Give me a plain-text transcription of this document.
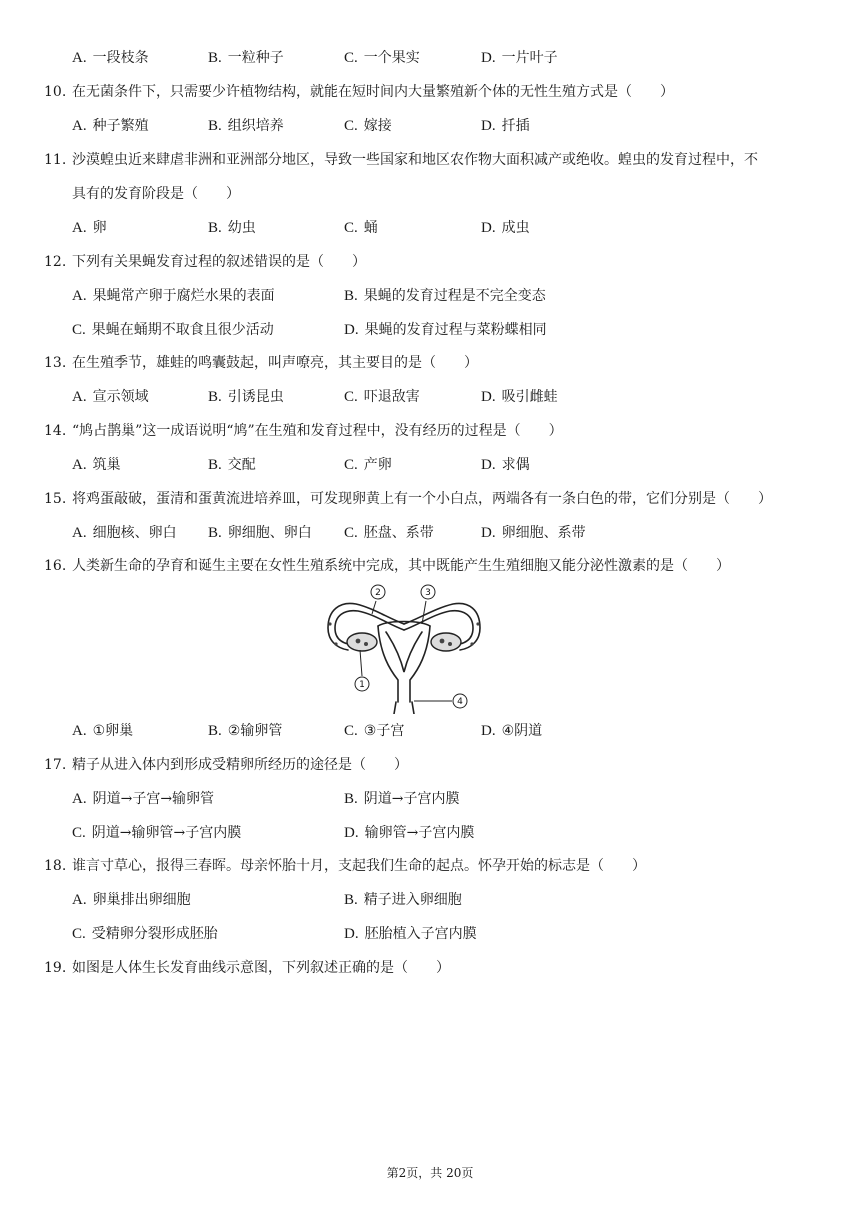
A. 一段枝条	B. 一粒种子	C. 一个果实	D. 一片叶子
10. 在无菌条件下，只需要少许植物结构，就能在短时间内大量繁殖新个体的无性生殖方式是（　　）
A. 种子繁殖	B. 组织培养	C. 嫁接	D. 扦插
11. 沙漠蝗虫近来肆虐非洲和亚洲部分地区，导致一些国家和地区农作物大面积减产或绝收。蝗虫的发育过程中，不
具有的发育阶段是（　　）
A. 卵	B. 幼虫	C. 蛹	D. 成虫
12. 下列有关果蝇发育过程的叙述错误的是（　　）
A. 果蝇常产卵于腐烂水果的表面	B. 果蝇的发育过程是不完全变态
C. 果蝇在蛹期不取食且很少活动	D. 果蝇的发育过程与菜粉蝶相同
13. 在生殖季节，雄蛙的鸣囊鼓起，叫声嘹亮，其主要目的是（　　）
A. 宣示领域	B. 引诱昆虫	C. 吓退敌害	D. 吸引雌蛙
14. “鸠占鹊巢”这一成语说明“鸠”在生殖和发育过程中，没有经历的过程是（　　）
A. 筑巢	B. 交配	C. 产卵	D. 求偶
15. 将鸡蛋敲破，蛋清和蛋黄流进培养皿，可发现卵黄上有一个小白点，两端各有一条白色的带，它们分别是（　　）
A. 细胞核、卵白 B. 卵细胞、卵白 C. 胚盘、系带	D. 卵细胞、系带
16. 人类新生命的孕育和诞生主要在女性生殖系统中完成，其中既能产生生殖细胞又能分泌性激素的是（　　）
2	3
1
4
A. ①卵巢	B. ②输卵管	C. ③子宫	D. ④阴道
17. 精子从进入体内到形成受精卵所经历的途径是（　　）
A. 阴道→子宫→输卵管	B. 阴道→子宫内膜
C. 阴道→输卵管→子宫内膜	D. 输卵管→子宫内膜
18. 谁言寸草心，报得三春晖。母亲怀胎十月，支起我们生命的起点。怀孕开始的标志是（　　）
A. 卵巢排出卵细胞	B. 精子进入卵细胞
C. 受精卵分裂形成胚胎	D. 胚胎植入子宫内膜
19. 如图是人体生长发育曲线示意图，下列叙述正确的是（　　）
第2页，共 20页
